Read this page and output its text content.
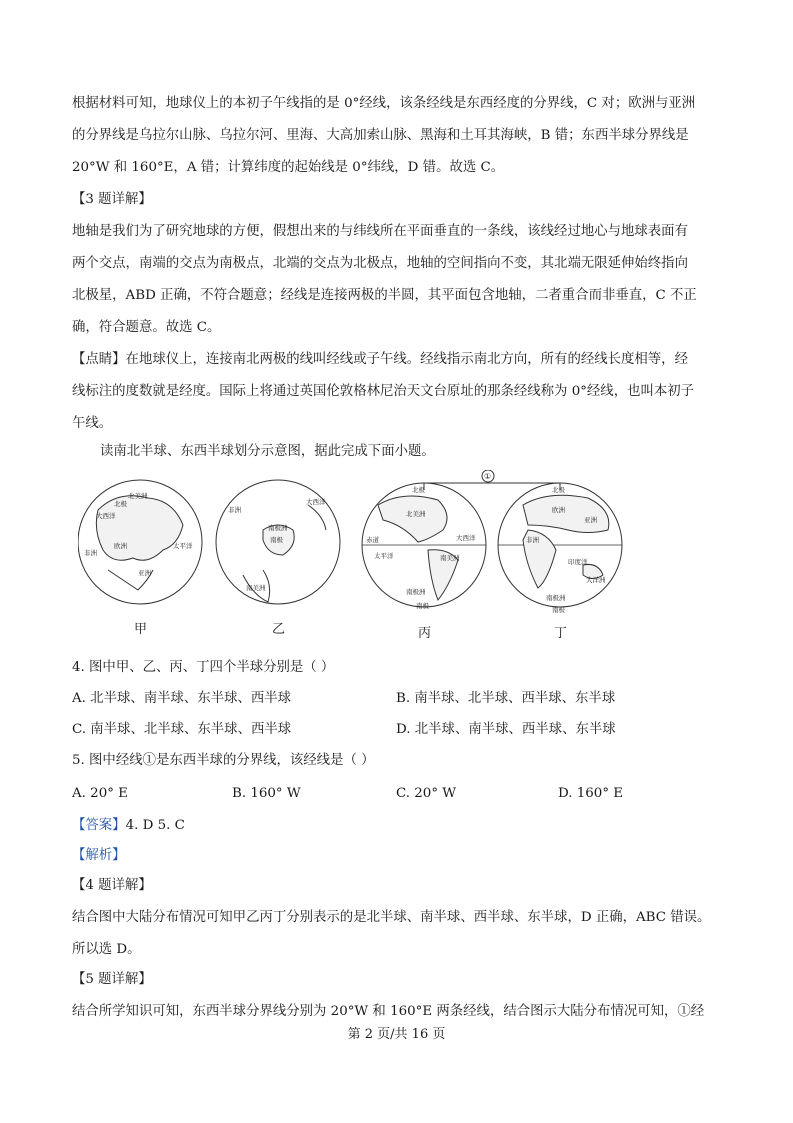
根据材料可知，地球仪上的本初子午线指的是 0°经线，该条经线是东西经度的分界线，C 对；欧洲与亚洲
的分界线是乌拉尔山脉、乌拉尔河、里海、大高加索山脉、黑海和土耳其海峡，B 错；东西半球分界线是
20°W 和 160°E，A 错；计算纬度的起始线是 0°纬线，D 错。故选 C。
【3 题详解】
地轴是我们为了研究地球的方便，假想出来的与纬线所在平面垂直的一条线，该线经过地心与地球表面有
两个交点，南端的交点为南极点，北端的交点为北极点，地轴的空间指向不变，其北端无限延伸始终指向
北极星，ABD 正确，不符合题意；经线是连接两极的半圆，其平面包含地轴，二者重合而非垂直，C 不正
确，符合题意。故选 C。
【点睛】在地球仪上，连接南北两极的线叫经线或子午线。经线指示南北方向，所有的经线长度相等，经
线标注的度数就是经度。国际上将通过英国伦敦格林尼治天文台原址的那条经线称为 0°经线，也叫本初子
午线。
读南北半球、东西半球划分示意图，据此完成下面小题。
北极
大西洋
北美洲
太平洋
非洲
欧洲
亚洲
非洲
大西洋
南极洲
南极
南美洲
北极
北美洲
大西洋
太平洋	南美洲
南极洲
南极
赤道
北极
欧洲
亚洲
非洲
印度洋
大洋洲
南极洲
南极
①
甲	乙	丙	丁
4. 图中甲、乙、丙、丁四个半球分别是（ ）
A. 北半球、南半球、东半球、西半球	B. 南半球、北半球、西半球、东半球
C. 南半球、北半球、东半球、西半球	D. 北半球、南半球、西半球、东半球
5. 图中经线①是东西半球的分界线，该经线是（ ）
A. 20° E	B. 160° W	C. 20° W	D. 160° E
【答案】4. D 5. C
【解析】
【4 题详解】
结合图中大陆分布情况可知甲乙丙丁分别表示的是北半球、南半球、西半球、东半球，D 正确，ABC 错误。
所以选 D。
【5 题详解】
结合所学知识可知，东西半球分界线分别为 20°W 和 160°E 两条经线，结合图示大陆分布情况可知，①经
第 2 页/共 16 页
